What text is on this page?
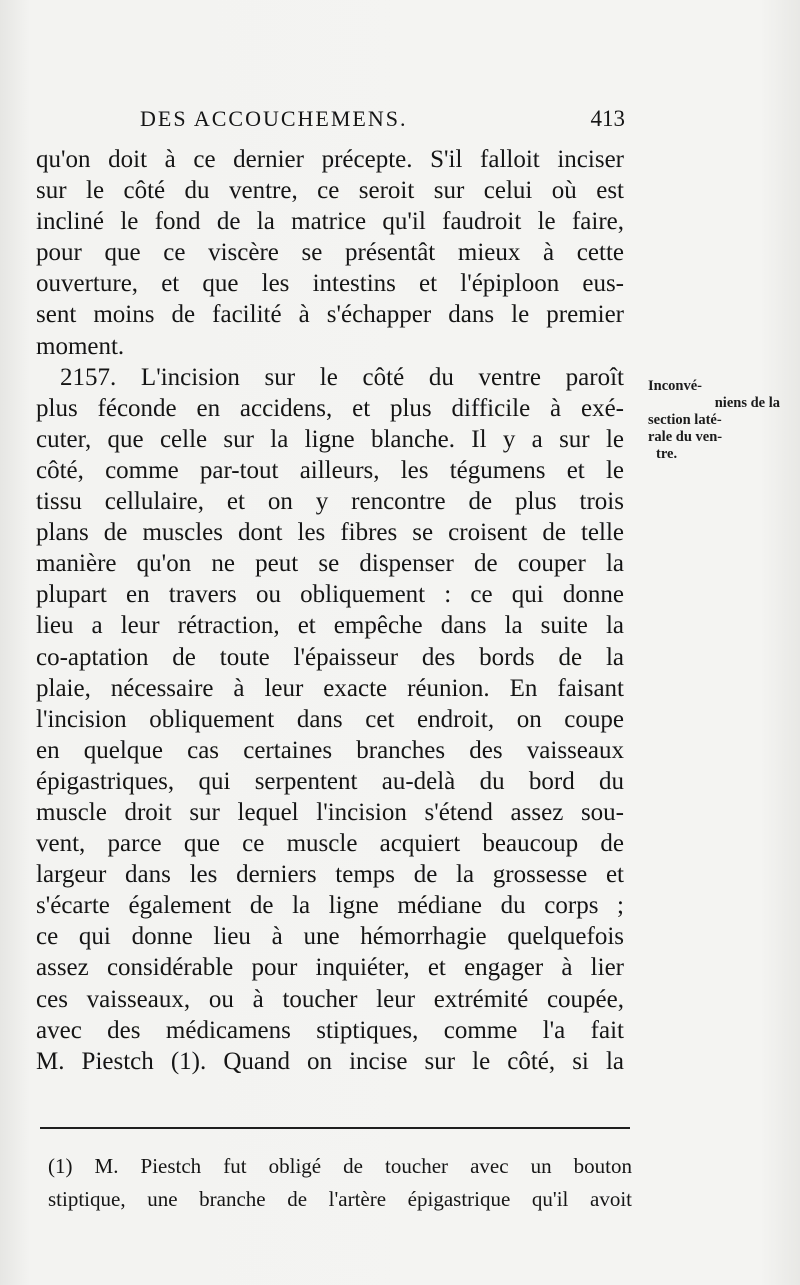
DES ACCOUCHEMENS.	413
qu'on doit à ce dernier précepte. S'il falloit inciser
sur le côté du ventre, ce seroit sur celui où est
incliné le fond de la matrice qu'il faudroit le faire,
pour que ce viscère se présentât mieux à cette
ouverture, et que les intestins et l'épiploon eus-
sent moins de facilité à s'échapper dans le premier
moment.
2157. L'incision sur le côté du ventre paroît
plus féconde en accidens, et plus difficile à exé-
cuter, que celle sur la ligne blanche. Il y a sur le
côté, comme par-tout ailleurs, les tégumens et le
tissu cellulaire, et on y rencontre de plus trois
plans de muscles dont les fibres se croisent de telle
manière qu'on ne peut se dispenser de couper la
plupart en travers ou obliquement : ce qui donne
lieu a leur rétraction, et empêche dans la suite la
co-aptation de toute l'épaisseur des bords de la
plaie, nécessaire à leur exacte réunion. En faisant
l'incision obliquement dans cet endroit, on coupe
en quelque cas certaines branches des vaisseaux
épigastriques, qui serpentent au-delà du bord du
muscle droit sur lequel l'incision s'étend assez sou-
vent, parce que ce muscle acquiert beaucoup de
largeur dans les derniers temps de la grossesse et
s'écarte également de la ligne médiane du corps ;
ce qui donne lieu à une hémorrhagie quelquefois
assez considérable pour inquiéter, et engager à lier
ces vaisseaux, ou à toucher leur extrémité coupée,
avec des médicamens stiptiques, comme l'a fait
M. Piestch (1). Quand on incise sur le côté, si la
Inconvé-
niens de la
section laté-
rale du ven-
tre.
(1) M. Piestch fut obligé de toucher avec un bouton
stiptique, une branche de l'artère épigastrique qu'il avoit
